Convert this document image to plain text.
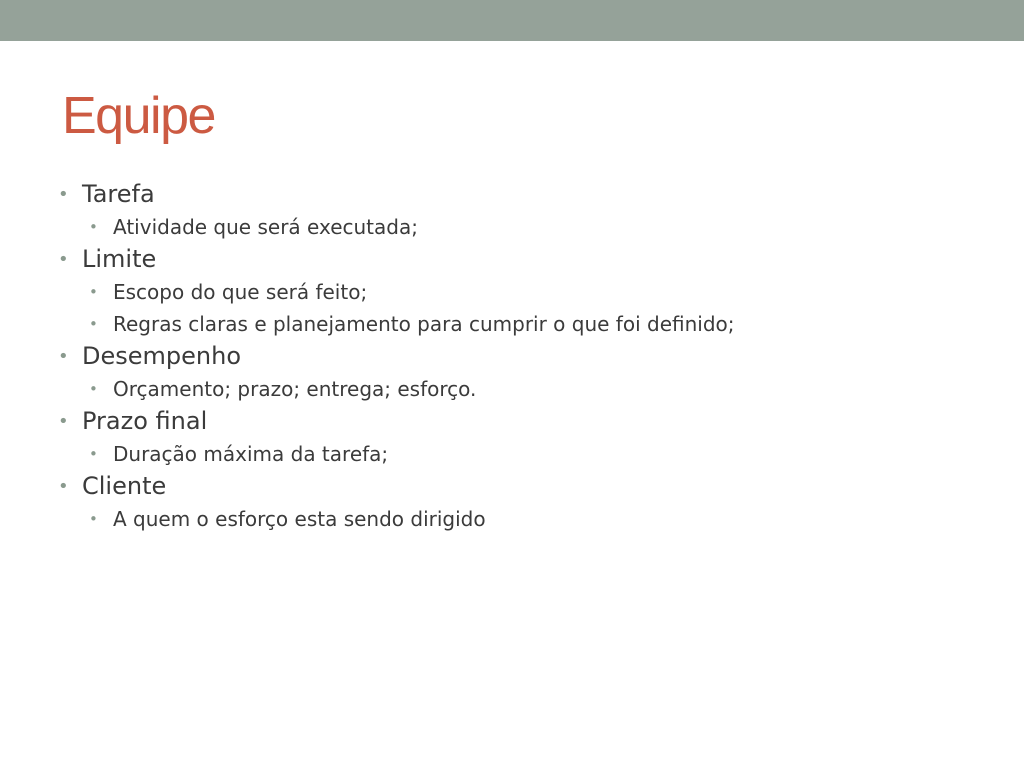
Equipe
• Tarefa
• Atividade que será executada;
• Limite
• Escopo do que será feito;
• Regras claras e planejamento para cumprir o que foi definido;
• Desempenho
• Orçamento; prazo; entrega; esforço.
• Prazo final
• Duração máxima da tarefa;
• Cliente
• A quem o esforço esta sendo dirigido
